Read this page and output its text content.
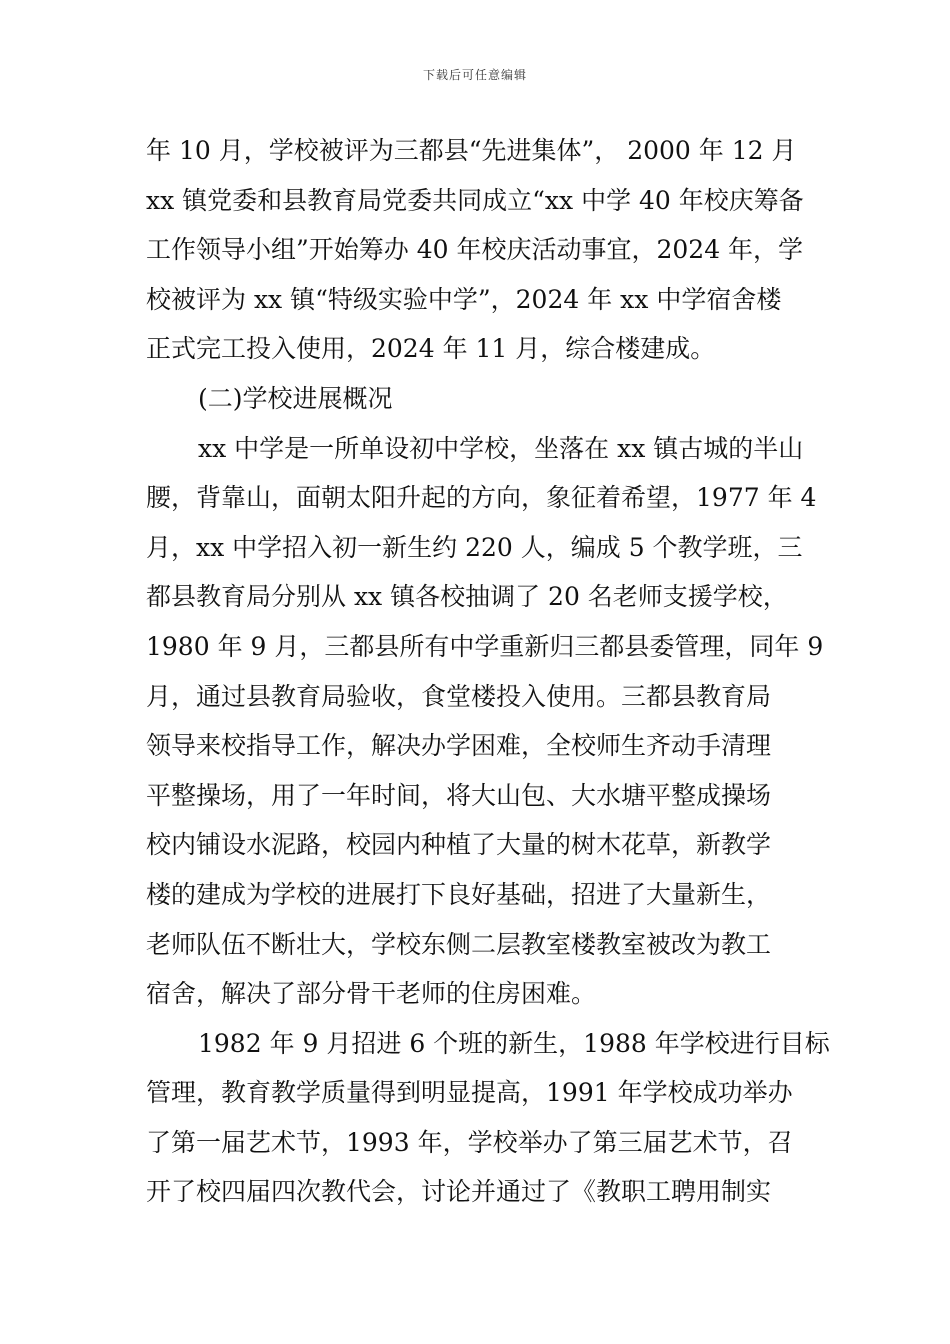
下载后可任意编辑
年 10 月，学校被评为三都县“先进集体”， 2000 年 12 月
xx 镇党委和县教育局党委共同成立“xx 中学 40 年校庆筹备
工作领导小组”开始筹办 40 年校庆活动事宜，2024 年，学
校被评为 xx 镇“特级实验中学”，2024 年 xx 中学宿舍楼
正式完工投入使用，2024 年 11 月，综合楼建成。
(二)学校进展概况
xx 中学是一所单设初中学校，坐落在 xx 镇古城的半山
腰，背靠山，面朝太阳升起的方向，象征着希望，1977 年 4
月，xx 中学招入初一新生约 220 人，编成 5 个教学班，三
都县教育局分别从 xx 镇各校抽调了 20 名老师支援学校，
1980 年 9 月，三都县所有中学重新归三都县委管理，同年 9
月，通过县教育局验收，食堂楼投入使用。三都县教育局
领导来校指导工作，解决办学困难，全校师生齐动手清理
平整操场，用了一年时间，将大山包、大水塘平整成操场
校内铺设水泥路，校园内种植了大量的树木花草，新教学
楼的建成为学校的进展打下良好基础，招进了大量新生，
老师队伍不断壮大，学校东侧二层教室楼教室被改为教工
宿舍，解决了部分骨干老师的住房困难。
1982 年 9 月招进 6 个班的新生，1988 年学校进行目标
管理，教育教学质量得到明显提高，1991 年学校成功举办
了第一届艺术节，1993 年，学校举办了第三届艺术节，召
开了校四届四次教代会，讨论并通过了《教职工聘用制实
